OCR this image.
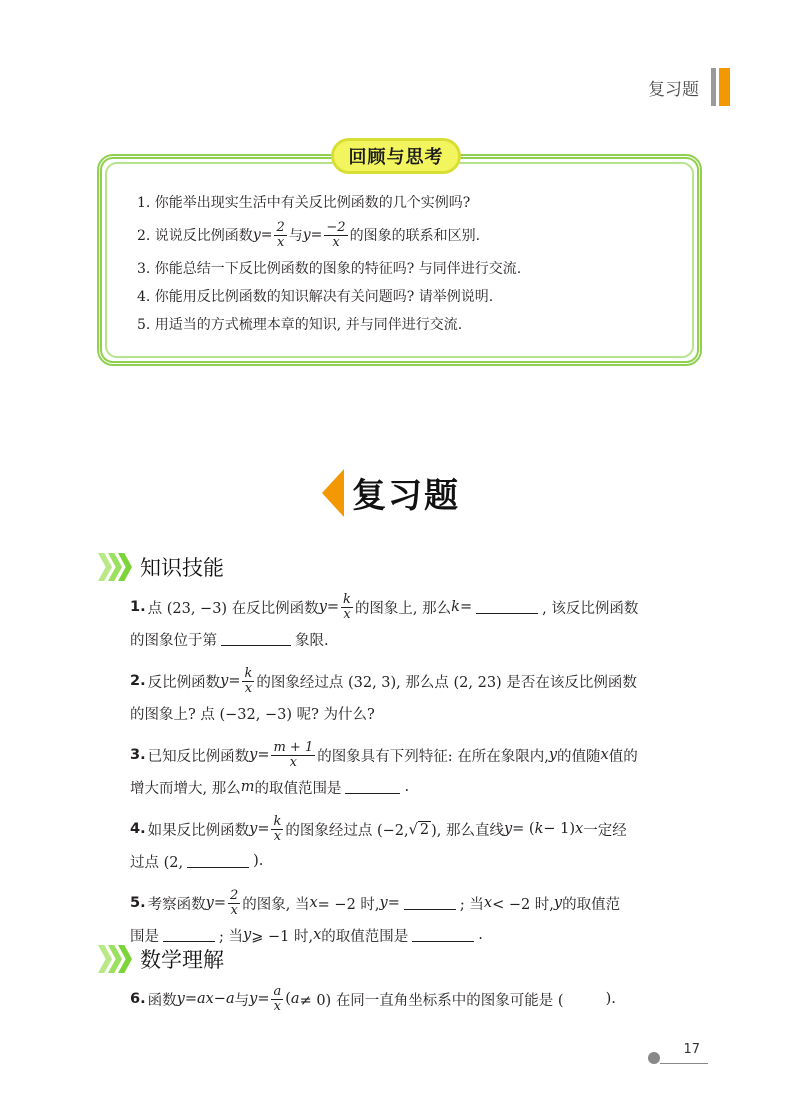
复习题
回顾与思考
1. 你能举出现实生活中有关反比例函数的几个实例吗?
2. 说说反比例函数 $y = \frac{2}{x}$ 与 $y = \frac{-2}{x}$ 的图象的联系和区别.
3. 你能总结一下反比例函数的图象的特征吗? 与同伴进行交流.
4. 你能用反比例函数的知识解决有关问题吗? 请举例说明.
5. 用适当的方式梳理本章的知识, 并与同伴进行交流.
复习题
知识技能
1. 点 (23, −3) 在反比例函数 $y = \frac{k}{x}$ 的图象上, 那么 k =	, 该反比例函数
的图象位于第	象限.
2. 反比例函数 $y = \frac{k}{x}$ 的图象经过点 (32, 3), 那么点 (2, 23) 是否在该反比例函数
的图象上? 点 (−32, −3) 呢? 为什么?
3. 已知反比例函数 $y = \frac{m + 1}{x}$ 的图象具有下列特征: 在所在象限内, y 的值随 x 值的
增大而增大, 那么 m 的取值范围是	.
4. 如果反比例函数 $y = \frac{k}{x}$ 的图象经过点 (−2, √ 2 ), 那么直线 y = ( k − 1) x 一定经
过点 (2,	).
5. 考察函数 $y = \frac{2}{x}$ 的图象, 当 x = −2 时, y =	; 当 x < −2 时, y 的取值范
围是	; 当 y ⩾ −1 时, x 的取值范围是	.
数学理解
6. 函数 y = ax − a 与 $y = \frac{a}{x}$ ( a ≠ 0) 在同一直角坐标系中的图象可能是 (	).
17
